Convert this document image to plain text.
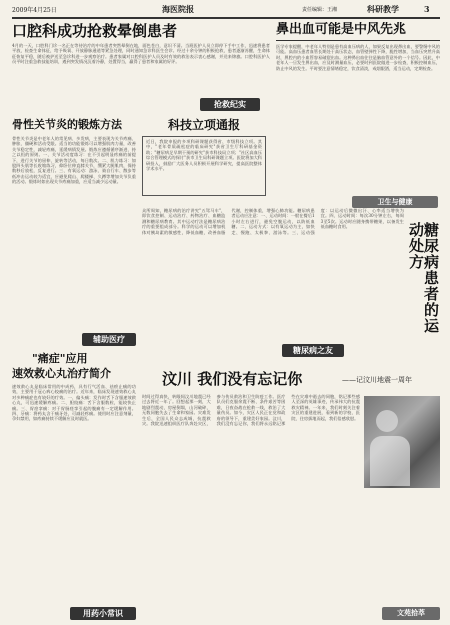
2009年4月25日	海医院报	责任编辑：王湘	科研教学	3
口腔科成功抢救晕倒患者
4月的一天，口腔科门诊一名正在等待治疗的中年患者突然晕倒在地，面色苍白，意识不清。当班医护人员立即停下手中工作，迅速将患者平放，检查生命体征，给予吸氧、开放静脉通道等紧急处理，同时通知急诊科医生会诊。经过十余分钟的积极抢救，患者逐渐苏醒，生命体征恢复平稳，随后被护送至急诊科进一步观察治疗。患者家属对口腔科医护人员及时有效的救治表示衷心感谢，并送来锦旗。口腔科医护人员平时注重急救技能培训，遇到突发情况沉着冷静，处置得当，赢得了患者和家属的好评。
抢救纪实
鼻出血可能是中风先兆
医学专家提醒，中老年人特别是患有高血压病的人，如果反复出现鼻出血，要警惕中风的可能。高血压患者血管长期处于高压状态，血管壁弹性下降，脆性增加，当血压突然升高时，鼻腔内的小血管容易破裂出血。这种鼻出血往往是脑血管意外的一个信号。因此，中老年人一旦发生鼻出血，应及时测量血压，必要时到医院做进一步检查，积极控制血压，防止中风的发生。平时要注意情绪稳定，饮食清淡，戒烟限酒，适当运动，定期检查。
卫生与健康
骨性关节炎的锻炼方法
骨性关节炎是中老年人的常见病、多发病，主要表现为关节疼痛、肿胀、僵硬和活动受限。适当的功能锻炼可以增强肌肉力量，改善关节稳定性，减轻疼痛，延缓病情发展。锻炼应遵循循序渐进、持之以恒的原则。一、关节活动度练习：在不引起明显疼痛的前提下，进行关节的屈伸、旋转等活动，每日数次。二、肌力练习：如股四头肌等长收缩练习，仰卧位伸直膝关节，绷紧大腿肌肉，保持数秒后放松，反复进行。三、有氧运动：游泳、骑自行车、散步等低冲击运动较为适宜，应避免爬山、爬楼梯、久蹲等增加关节负重的活动。锻炼时如出现关节疼痛加重，应适当减少运动量。
辅助医疗
科技立项通报
近日，我院申报的多项科研课题获得省、市级科技立项。其中，"老年骨质疏松症的临床研究"获省卫生厅科研基金资助；"糖尿病足早期干预的研究"获市科技局立项；"社区高血压综合管理模式的探讨"获市卫生局科研课题立项。医院将加大科研投入，鼓励广大医务人员积极开展科学研究，提高医院整体学术水平。
"痛症"应用
速效救心丸治疗简介
速效救心丸是临床常用的中成药，具有行气活血、祛瘀止痛的功效，主要用于冠心病心绞痛的治疗。近年来，临床发现速效救心丸对多种痛症也有较好的疗效。一、偏头痛：发作时舌下含服速效救心丸，可迅速缓解疼痛。二、胆绞痛：舌下含服数粒，能较快止痛。三、胃痉挛痛：对于胃肠痉挛引起的腹痛有一定缓解作用。四、牙痛：将药丸含于痛牙处，可减轻疼痛。使用时应注意剂量，孕妇禁用，如疼痛持续不缓解应及时就医。
用药小常识
众所周知，糖尿病的治疗讲究"五驾马车"，即饮食控制、运动治疗、药物治疗、血糖监测和糖尿病教育。其中运动疗法是糖尿病治疗的重要组成部分。科学的运动可以增加机体对胰岛素的敏感性，降低血糖，改善血脂代谢，控制体重，增强心肺功能。糖尿病患者运动应注意：一、运动时间：一般在餐后1小时左右进行，避免空腹运动，以防低血糖。二、运动方式：以有氧运动为主，如快走、慢跑、太极拳、游泳等。三、运动强度：以运动后微微出汗、心率适当增快为宜。四、运动时间：每次30分钟左右，每周3至5次。运动时应随身携带糖果，以备发生低血糖时食用。	糖尿病患者的运动处方
糖尿病之友
汶川 我们没有忘记你	——记汶川地震一周年
时间过得真快，转眼间汶川地震已经过去将近一年了。回想起那一刻，大地剧烈震动，房屋倒塌，山河破碎，无数同胞失去了生命和家园。灾难发生后，全国人民众志成城，抗震救灾。我院迅速组织医疗队奔赴灾区，参与伤员救治和卫生防疫工作。医疗队员们克服余震不断、条件艰苦等困难，日夜奋战在抢救一线，救治了大量伤员。如今，灾区人民正在党和政府的领导下，重建美好家园。汶川，我们没有忘记你，我们将永远铭记那些在灾难中逝去的同胞，铭记那些感人至深的英雄事迹，传承伟大的抗震救灾精神。一年来，我们时刻关注着灾区的重建进展，看到新的学校、医院、住房拔地而起，我们倍感欣慰。
文苑拾萃
